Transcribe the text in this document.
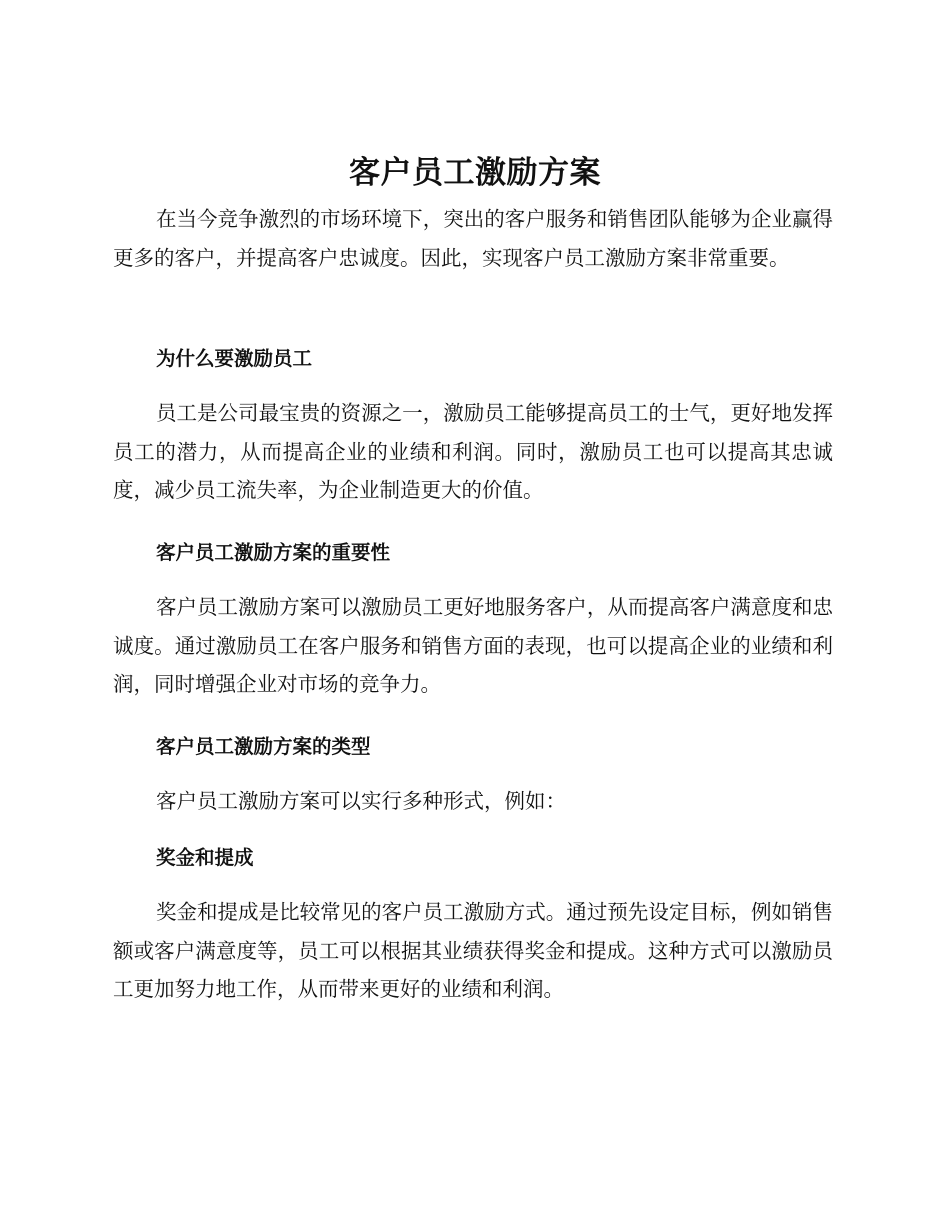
客户员工激励方案

在当今竞争激烈的市场环境下，突出的客户服务和销售团队能够为企业赢得更多的客户，并提高客户忠诚度。因此，实现客户员工激励方案非常重要。

为什么要激励员工

员工是公司最宝贵的资源之一，激励员工能够提高员工的士气，更好地发挥员工的潜力，从而提高企业的业绩和利润。同时，激励员工也可以提高其忠诚度，减少员工流失率，为企业制造更大的价值。

客户员工激励方案的重要性

客户员工激励方案可以激励员工更好地服务客户，从而提高客户满意度和忠诚度。通过激励员工在客户服务和销售方面的表现，也可以提高企业的业绩和利润，同时增强企业对市场的竞争力。

客户员工激励方案的类型

客户员工激励方案可以实行多种形式，例如：

奖金和提成

奖金和提成是比较常见的客户员工激励方式。通过预先设定目标，例如销售额或客户满意度等，员工可以根据其业绩获得奖金和提成。这种方式可以激励员工更加努力地工作，从而带来更好的业绩和利润。
